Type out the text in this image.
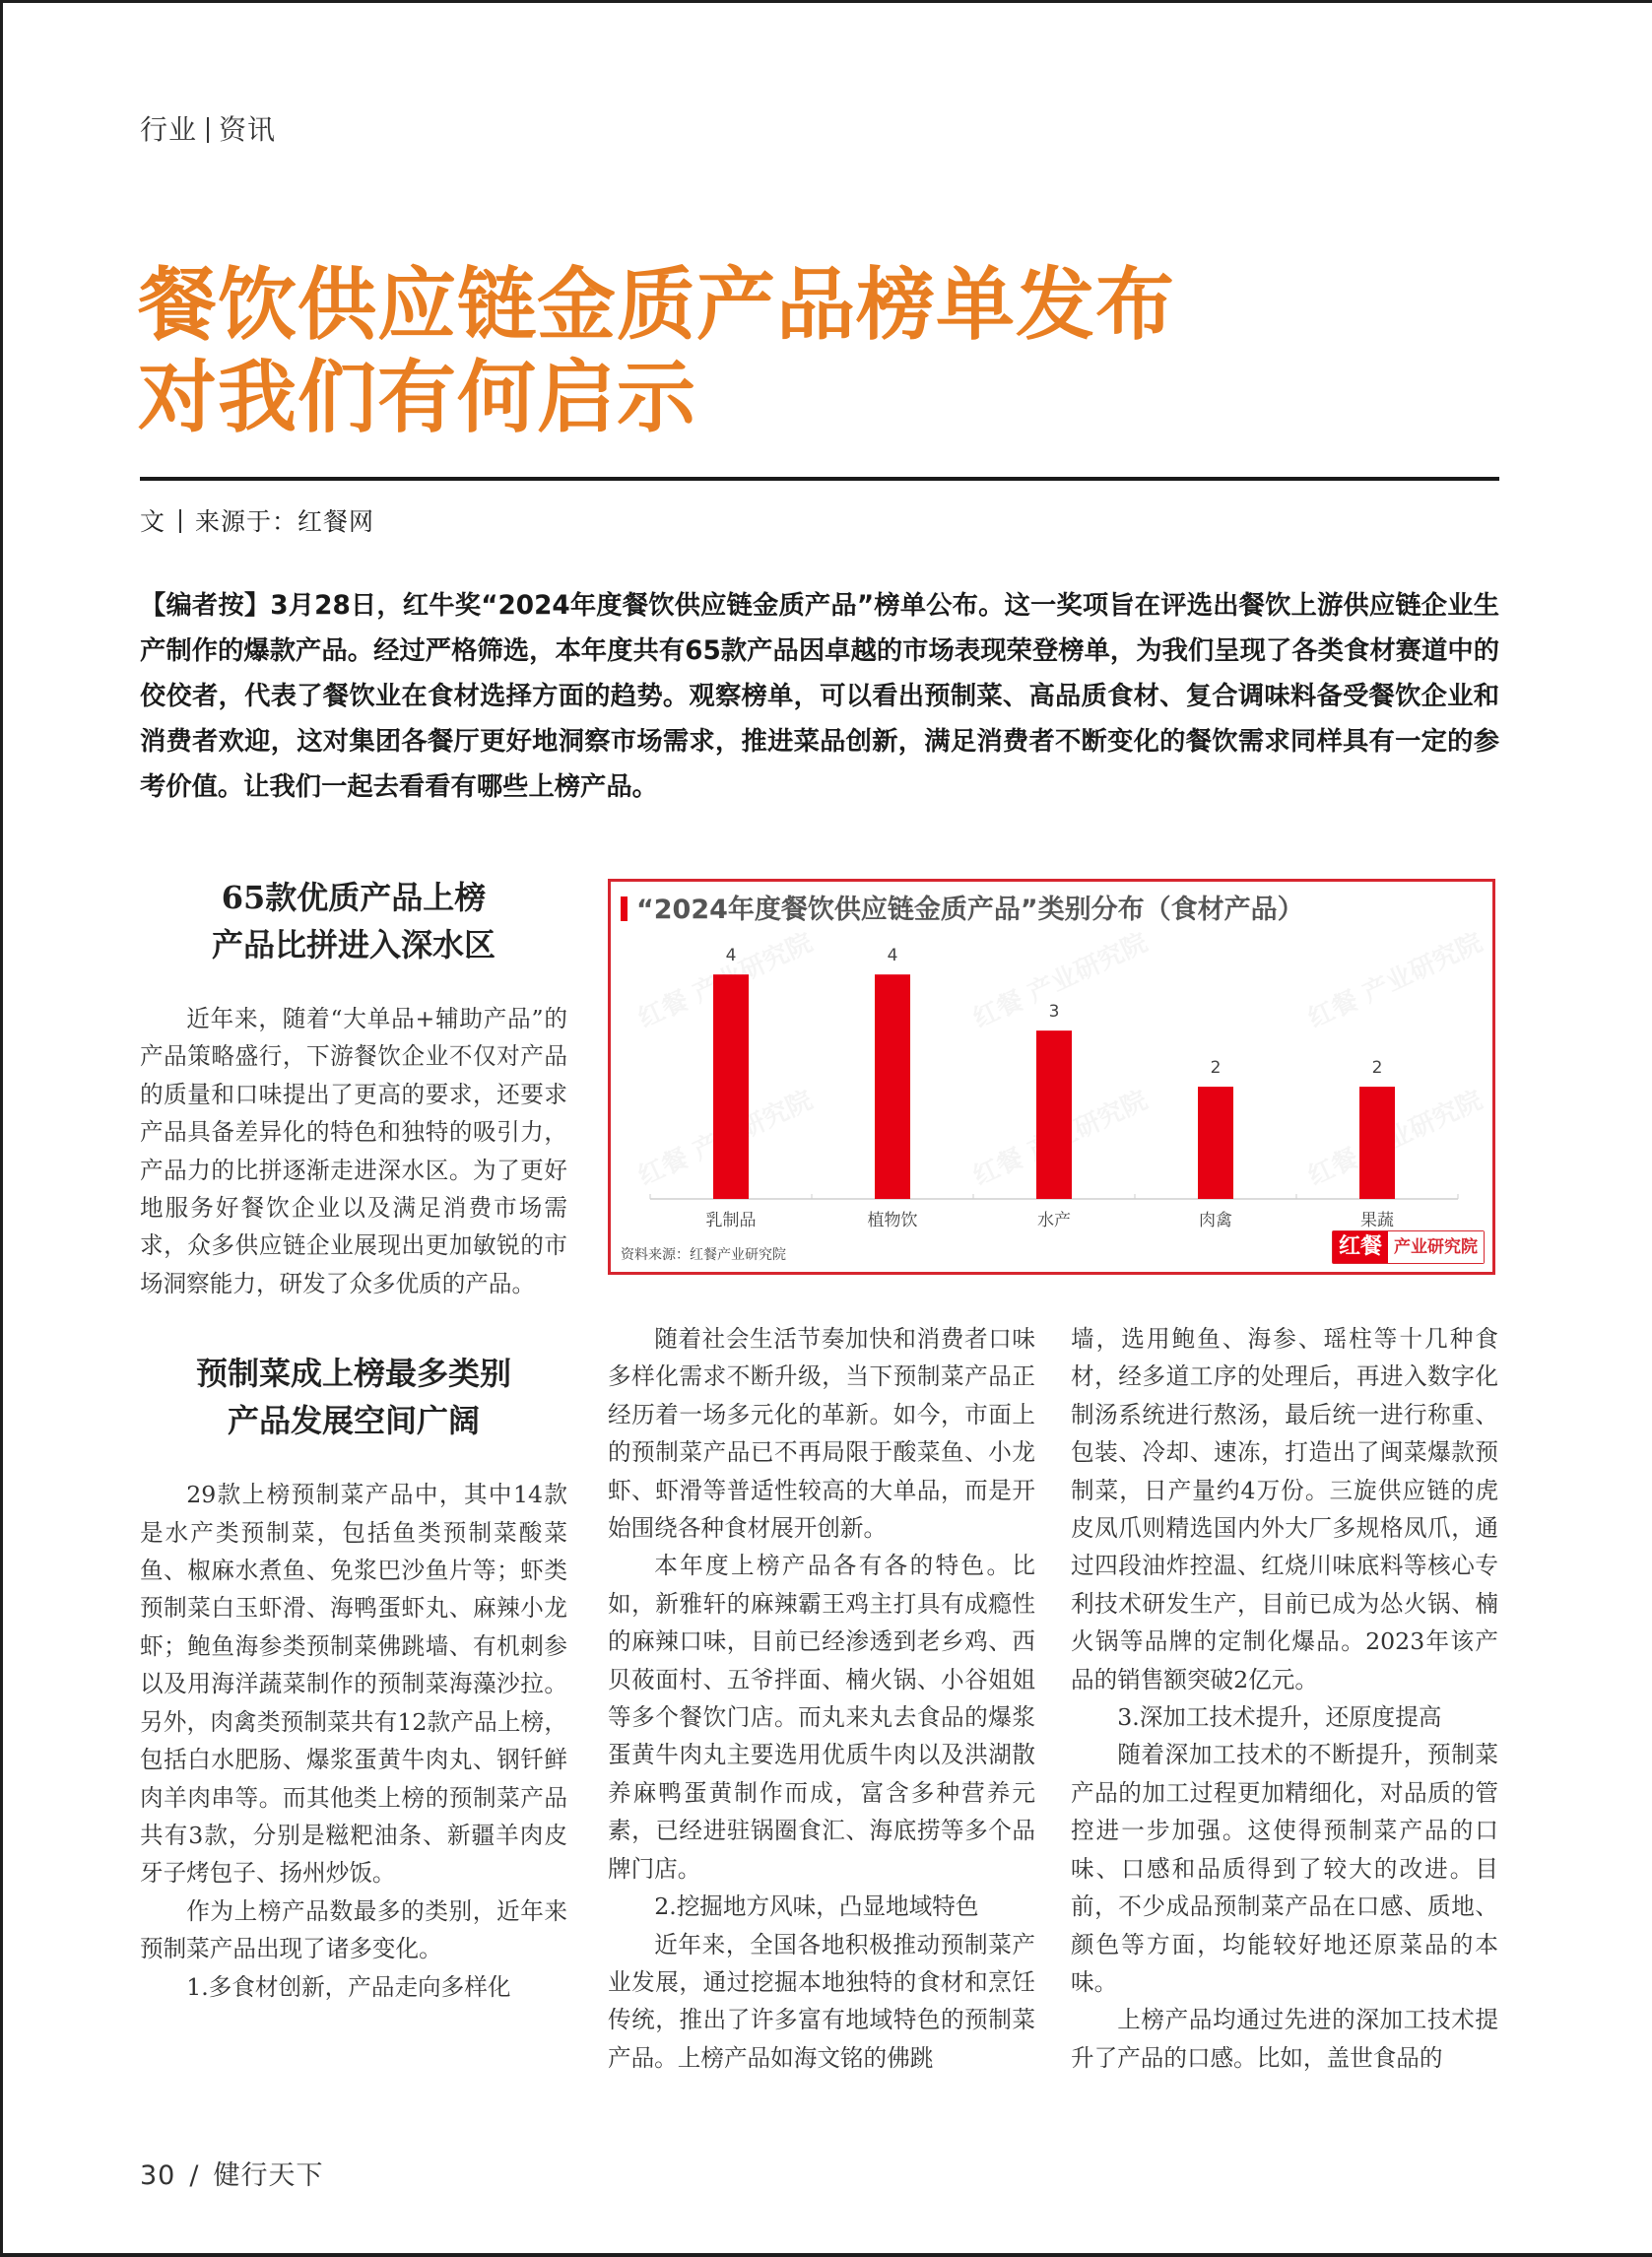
行业 资讯
餐饮供应链金质产品榜单发布
对我们有何启示
文 来源于：红餐网

【编者按】3月28日，红牛奖“2024年度餐饮供应链金质产品”榜单公布。这一奖项旨在评选出餐饮上游供应链企业生产制作的爆款产品。经过严格筛选，本年度共有65款产品因卓越的市场表现荣登榜单，为我们呈现了各类食材赛道中的佼佼者，代表了餐饮业在食材选择方面的趋势。观察榜单，可以看出预制菜、高品质食材、复合调味料备受餐饮企业和消费者欢迎，这对集团各餐厅更好地洞察市场需求，推进菜品创新，满足消费者不断变化的餐饮需求同样具有一定的参考价值。让我们一起去看看有哪些上榜产品。

65款优质产品上榜
产品比拼进入深水区

近年来，随着“大单品+辅助产品”的产品策略盛行，下游餐饮企业不仅对产品的质量和口味提出了更高的要求，还要求产品具备差异化的特色和独特的吸引力，产品力的比拼逐渐走进深水区。为了更好地服务好餐饮企业以及满足消费市场需求，众多供应链企业展现出更加敏锐的市场洞察能力，研发了众多优质的产品。

预制菜成上榜最多类别
产品发展空间广阔

29款上榜预制菜产品中，其中14款是水产类预制菜，包括鱼类预制菜酸菜鱼、椒麻水煮鱼、免浆巴沙鱼片等；虾类预制菜白玉虾滑、海鸭蛋虾丸、麻辣小龙虾；鲍鱼海参类预制菜佛跳墙、有机刺参以及用海洋蔬菜制作的预制菜海藻沙拉。另外，肉禽类预制菜共有12款产品上榜，包括白水肥肠、爆浆蛋黄牛肉丸、钢钎鲜肉羊肉串等。而其他类上榜的预制菜产品共有3款，分别是糍粑油条、新疆羊肉皮牙子烤包子、扬州炒饭。

作为上榜产品数最多的类别，近年来预制菜产品出现了诸多变化。

1.多食材创新，产品走向多样化

“2024年度餐饮供应链金质产品”类别分布（食材产品）
4
乳制品
4
植物饮
3
水产
2
肉禽
2
果蔬
资料来源：红餐产业研究院	红餐 产业研究院

随着社会生活节奏加快和消费者口味多样化需求不断升级，当下预制菜产品正经历着一场多元化的革新。如今，市面上的预制菜产品已不再局限于酸菜鱼、小龙虾、虾滑等普适性较高的大单品，而是开始围绕各种食材展开创新。

本年度上榜产品各有各的特色。比如，新雅轩的麻辣霸王鸡主打具有成瘾性的麻辣口味，目前已经渗透到老乡鸡、西贝莜面村、五爷拌面、楠火锅、小谷姐姐等多个餐饮门店。而丸来丸去食品的爆浆蛋黄牛肉丸主要选用优质牛肉以及洪湖散养麻鸭蛋黄制作而成，富含多种营养元素，已经进驻锅圈食汇、海底捞等多个品牌门店。

2.挖掘地方风味，凸显地域特色

近年来，全国各地积极推动预制菜产业发展，通过挖掘本地独特的食材和烹饪传统，推出了许多富有地域特色的预制菜产品。上榜产品如海文铭的佛跳

墙，选用鲍鱼、海参、瑶柱等十几种食材，经多道工序的处理后，再进入数字化制汤系统进行熬汤，最后统一进行称重、包装、冷却、速冻，打造出了闽菜爆款预制菜，日产量约4万份。三旋供应链的虎皮凤爪则精选国内外大厂多规格凤爪，通过四段油炸控温、红烧川味底料等核心专利技术研发生产，目前已成为怂火锅、楠火锅等品牌的定制化爆品。2023年该产品的销售额突破2亿元。

3.深加工技术提升，还原度提高

随着深加工技术的不断提升，预制菜产品的加工过程更加精细化，对品质的管控进一步加强。这使得预制菜产品的口味、口感和品质得到了较大的改进。目前，不少成品预制菜产品在口感、质地、颜色等方面，均能较好地还原菜品的本味。

上榜产品均通过先进的深加工技术提升了产品的口感。比如，盖世食品的

30 / 健行天下
